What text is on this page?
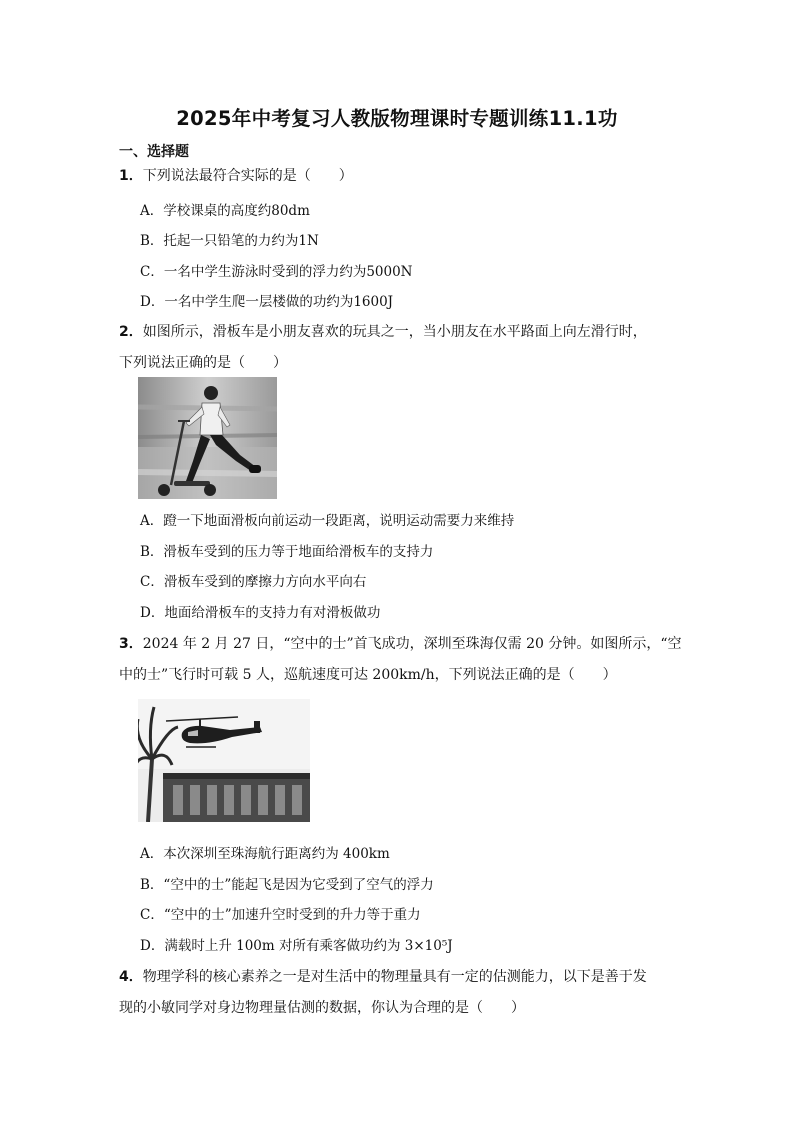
2025年中考复习人教版物理课时专题训练11.1功
一、选择题
1．下列说法最符合实际的是（　　）
A．学校课桌的高度约80dm
B．托起一只铅笔的力约为1N
C．一名中学生游泳时受到的浮力约为5000N
D．一名中学生爬一层楼做的功约为1600J
2．如图所示，滑板车是小朋友喜欢的玩具之一，当小朋友在水平路面上向左滑行时，
下列说法正确的是（　　）
A．蹬一下地面滑板向前运动一段距离，说明运动需要力来维持
B．滑板车受到的压力等于地面给滑板车的支持力
C．滑板车受到的摩擦力方向水平向右
D．地面给滑板车的支持力有对滑板做功
3．2024 年 2 月 27 日，“空中的士”首飞成功，深圳至珠海仅需 20 分钟。如图所示，“空
中的士”飞行时可载 5 人，巡航速度可达 200km/h，下列说法正确的是（　　）
A．本次深圳至珠海航行距离约为 400km
B．“空中的士”能起飞是因为它受到了空气的浮力
C．“空中的士”加速升空时受到的升力等于重力
D．满载时上升 100m 对所有乘客做功约为 3×10⁵J
4．物理学科的核心素养之一是对生活中的物理量具有一定的估测能力，以下是善于发
现的小敏同学对身边物理量估测的数据，你认为合理的是（　　）
